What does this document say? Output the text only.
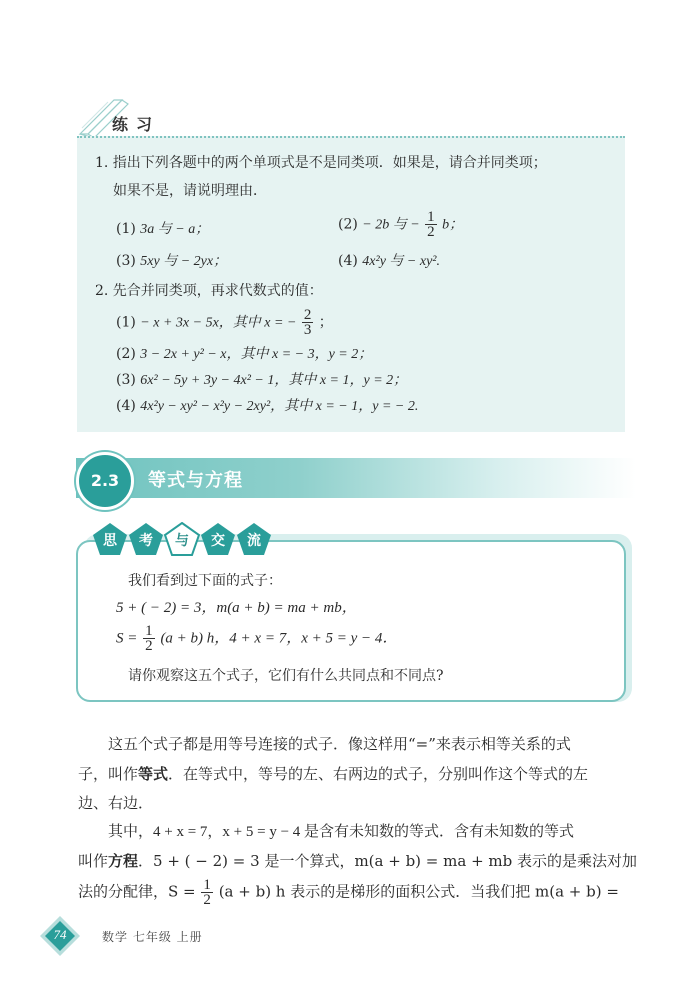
练习
1. 指出下列各题中的两个单项式是不是同类项．如果是，请合并同类项；
如果不是，请说明理由．
(1) 3a 与 − a；	(2) − 2b 与 − $\frac{1}{2}$ b；
(3) 5xy 与 − 2yx；	(4) 4x²y 与 − xy².
2. 先合并同类项，再求代数式的值：
(1) − x + 3x − 5x，其中 x = − $\frac{2}{3}$ ；
(2) 3 − 2x + y² − x，其中 x = − 3，y = 2；
(3) 6x² − 5y + 3y − 4x² − 1，其中 x = 1，y = 2；
(4) 4x²y − xy² − x²y − 2xy²，其中 x = − 1，y = − 2.
2.3	等式与方程
思	考	与	交	流
我们看到过下面的式子：
5 + ( − 2) = 3，m(a + b) = ma + mb，
$S = \frac{1}{2} (a + b)$ h，4 + x = 7，x + 5 = y − 4．
请你观察这五个式子，它们有什么共同点和不同点?
这五个式子都是用等号连接的式子．像这样用“=”来表示相等关系的式
子，叫作等式．在等式中，等号的左、右两边的式子，分别叫作这个等式的左
边、右边．
其中，4 + x = 7，x + 5 = y − 4 是含有未知数的等式．含有未知数的等式
叫作方程．5 + ( − 2) = 3 是一个算式，m(a + b) = ma + mb 表示的是乘法对加
法的分配律，$S = \frac{1}{2} (a + b)$ h 表示的是梯形的面积公式．当我们把 m(a + b) =
74	数学 七年级 上册
